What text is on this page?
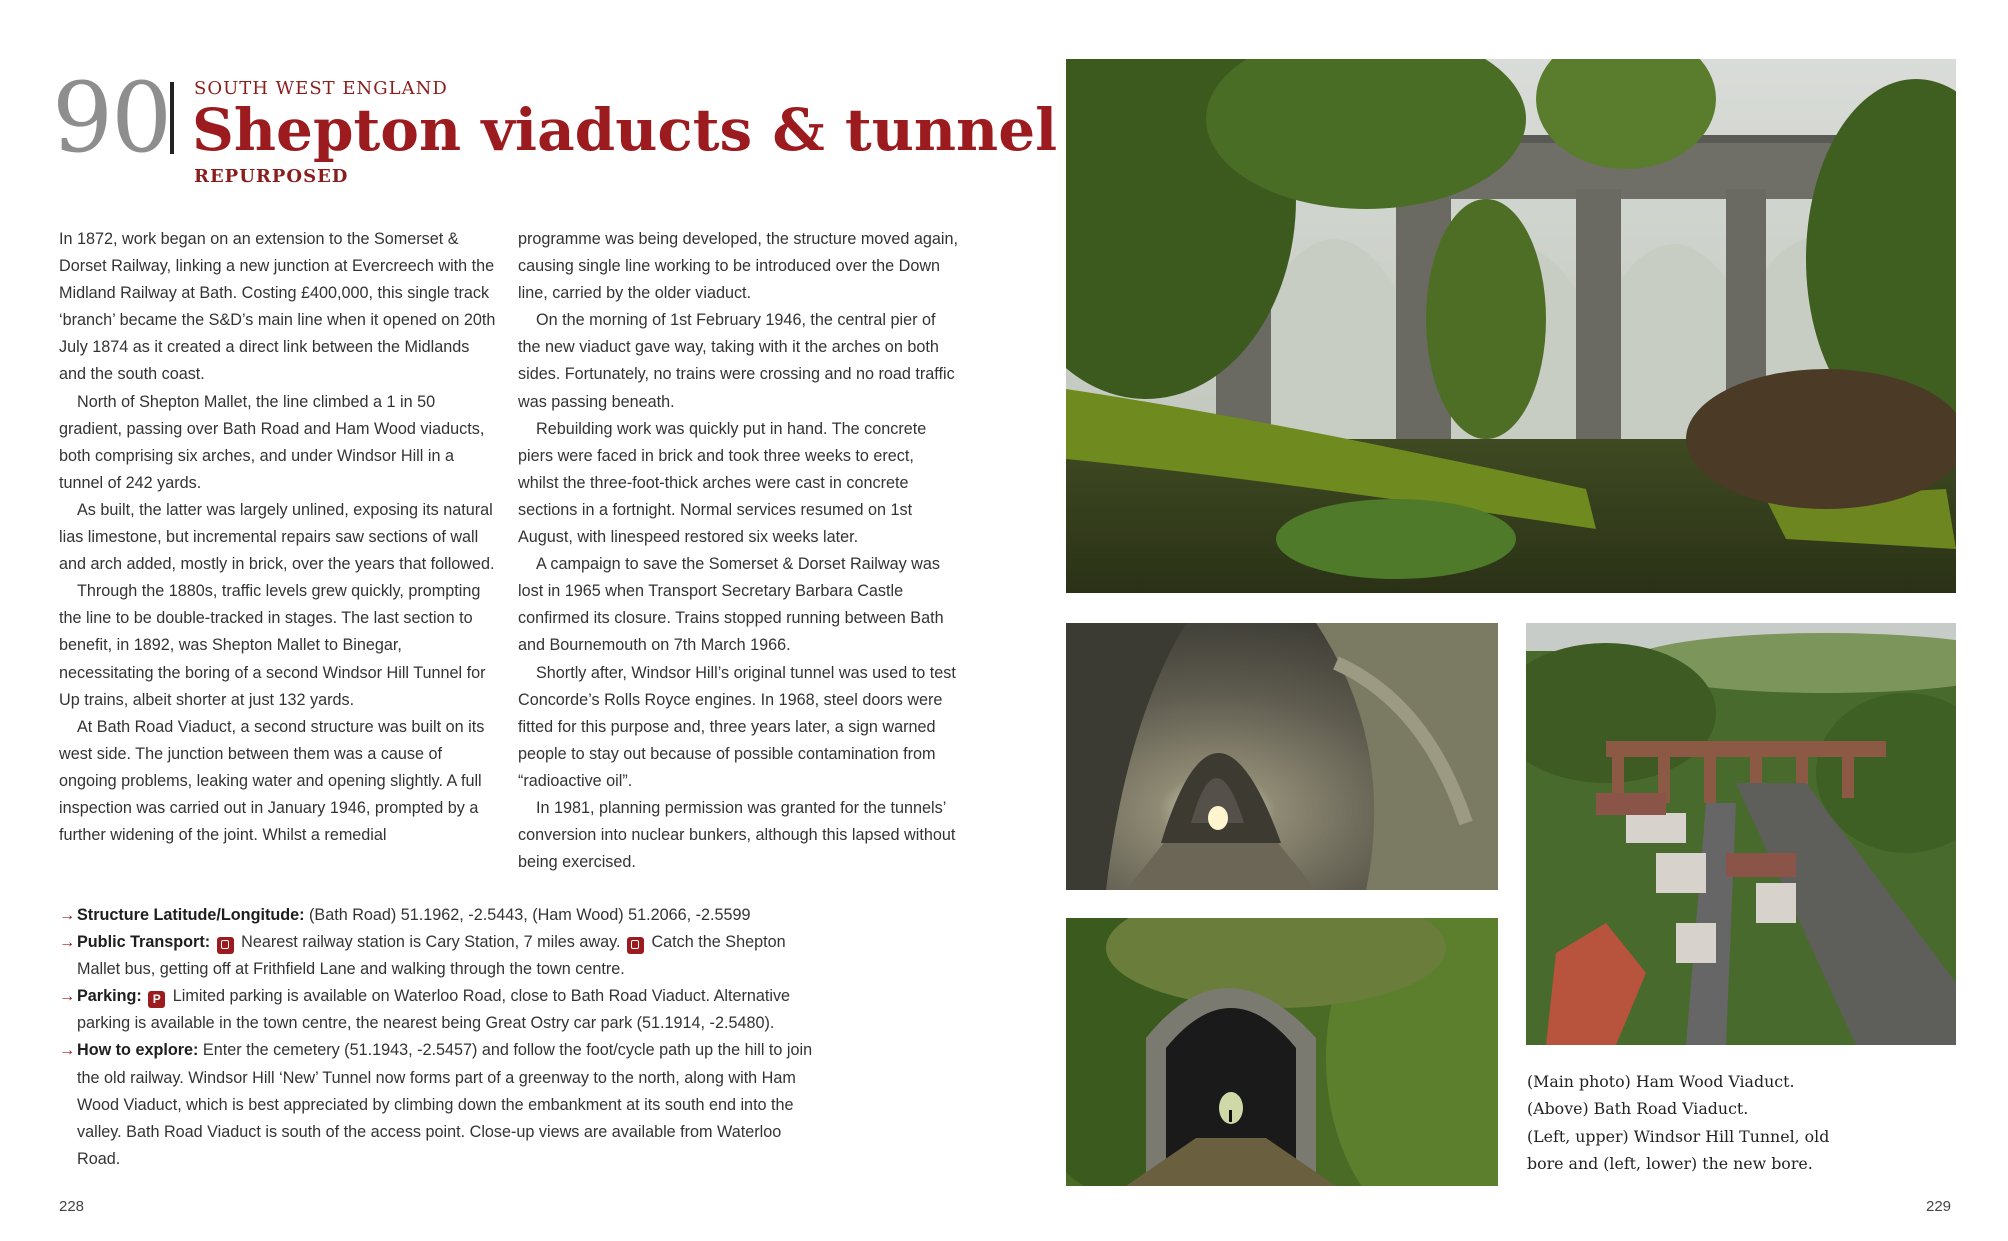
90 SOUTH WEST ENGLAND
Shepton viaducts & tunnel
REPURPOSED

In 1872, work began on an extension to the Somerset & Dorset Railway, linking a new junction at Evercreech with the Midland Railway at Bath. Costing £400,000, this single track ‘branch’ became the S&D’s main line when it opened on 20th July 1874 as it created a direct link between the Midlands and the south coast.

North of Shepton Mallet, the line climbed a 1 in 50 gradient, passing over Bath Road and Ham Wood viaducts, both comprising six arches, and under Windsor Hill in a tunnel of 242 yards.

As built, the latter was largely unlined, exposing its natural lias limestone, but incremental repairs saw sections of wall and arch added, mostly in brick, over the years that followed.

Through the 1880s, traffic levels grew quickly, prompting the line to be double-tracked in stages. The last section to benefit, in 1892, was Shepton Mallet to Binegar, necessitating the boring of a second Windsor Hill Tunnel for Up trains, albeit shorter at just 132 yards.

At Bath Road Viaduct, a second structure was built on its west side. The junction between them was a cause of ongoing problems, leaking water and opening slightly. A full inspection was carried out in January 1946, prompted by a further widening of the joint. Whilst a remedial

programme was being developed, the structure moved again, causing single line working to be introduced over the Down line, carried by the older viaduct.

On the morning of 1st February 1946, the central pier of the new viaduct gave way, taking with it the arches on both sides. Fortunately, no trains were crossing and no road traffic was passing beneath.

Rebuilding work was quickly put in hand. The concrete piers were faced in brick and took three weeks to erect, whilst the three-foot-thick arches were cast in concrete sections in a fortnight. Normal services resumed on 1st August, with linespeed restored six weeks later.

A campaign to save the Somerset & Dorset Railway was lost in 1965 when Transport Secretary Barbara Castle confirmed its closure. Trains stopped running between Bath and Bournemouth on 7th March 1966.

Shortly after, Windsor Hill’s original tunnel was used to test Concorde’s Rolls Royce engines. In 1968, steel doors were fitted for this purpose and, three years later, a sign warned people to stay out because of possible contamination from “radioactive oil”.

In 1981, planning permission was granted for the tunnels’ conversion into nuclear bunkers, although this lapsed without being exercised.

→ Structure Latitude/Longitude: (Bath Road) 51.1962, -2.5443, (Ham Wood) 51.2066, -2.5599
→ Public Transport: Nearest railway station is Cary Station, 7 miles away. Catch the Shepton Mallet bus, getting off at Frithfield Lane and walking through the town centre.
→ Parking: P Limited parking is available on Waterloo Road, close to Bath Road Viaduct. Alternative parking is available in the town centre, the nearest being Great Ostry car park (51.1914, -2.5480).
→ How to explore: Enter the cemetery (51.1943, -2.5457) and follow the foot/cycle path up the hill to join the old railway. Windsor Hill ‘New’ Tunnel now forms part of a greenway to the north, along with Ham Wood Viaduct, which is best appreciated by climbing down the embankment at its south end into the valley. Bath Road Viaduct is south of the access point. Close-up views are available from Waterloo Road.
228
(Main photo) Ham Wood Viaduct.
(Above) Bath Road Viaduct.
(Left, upper) Windsor Hill Tunnel, old
bore and (left, lower) the new bore.
229
